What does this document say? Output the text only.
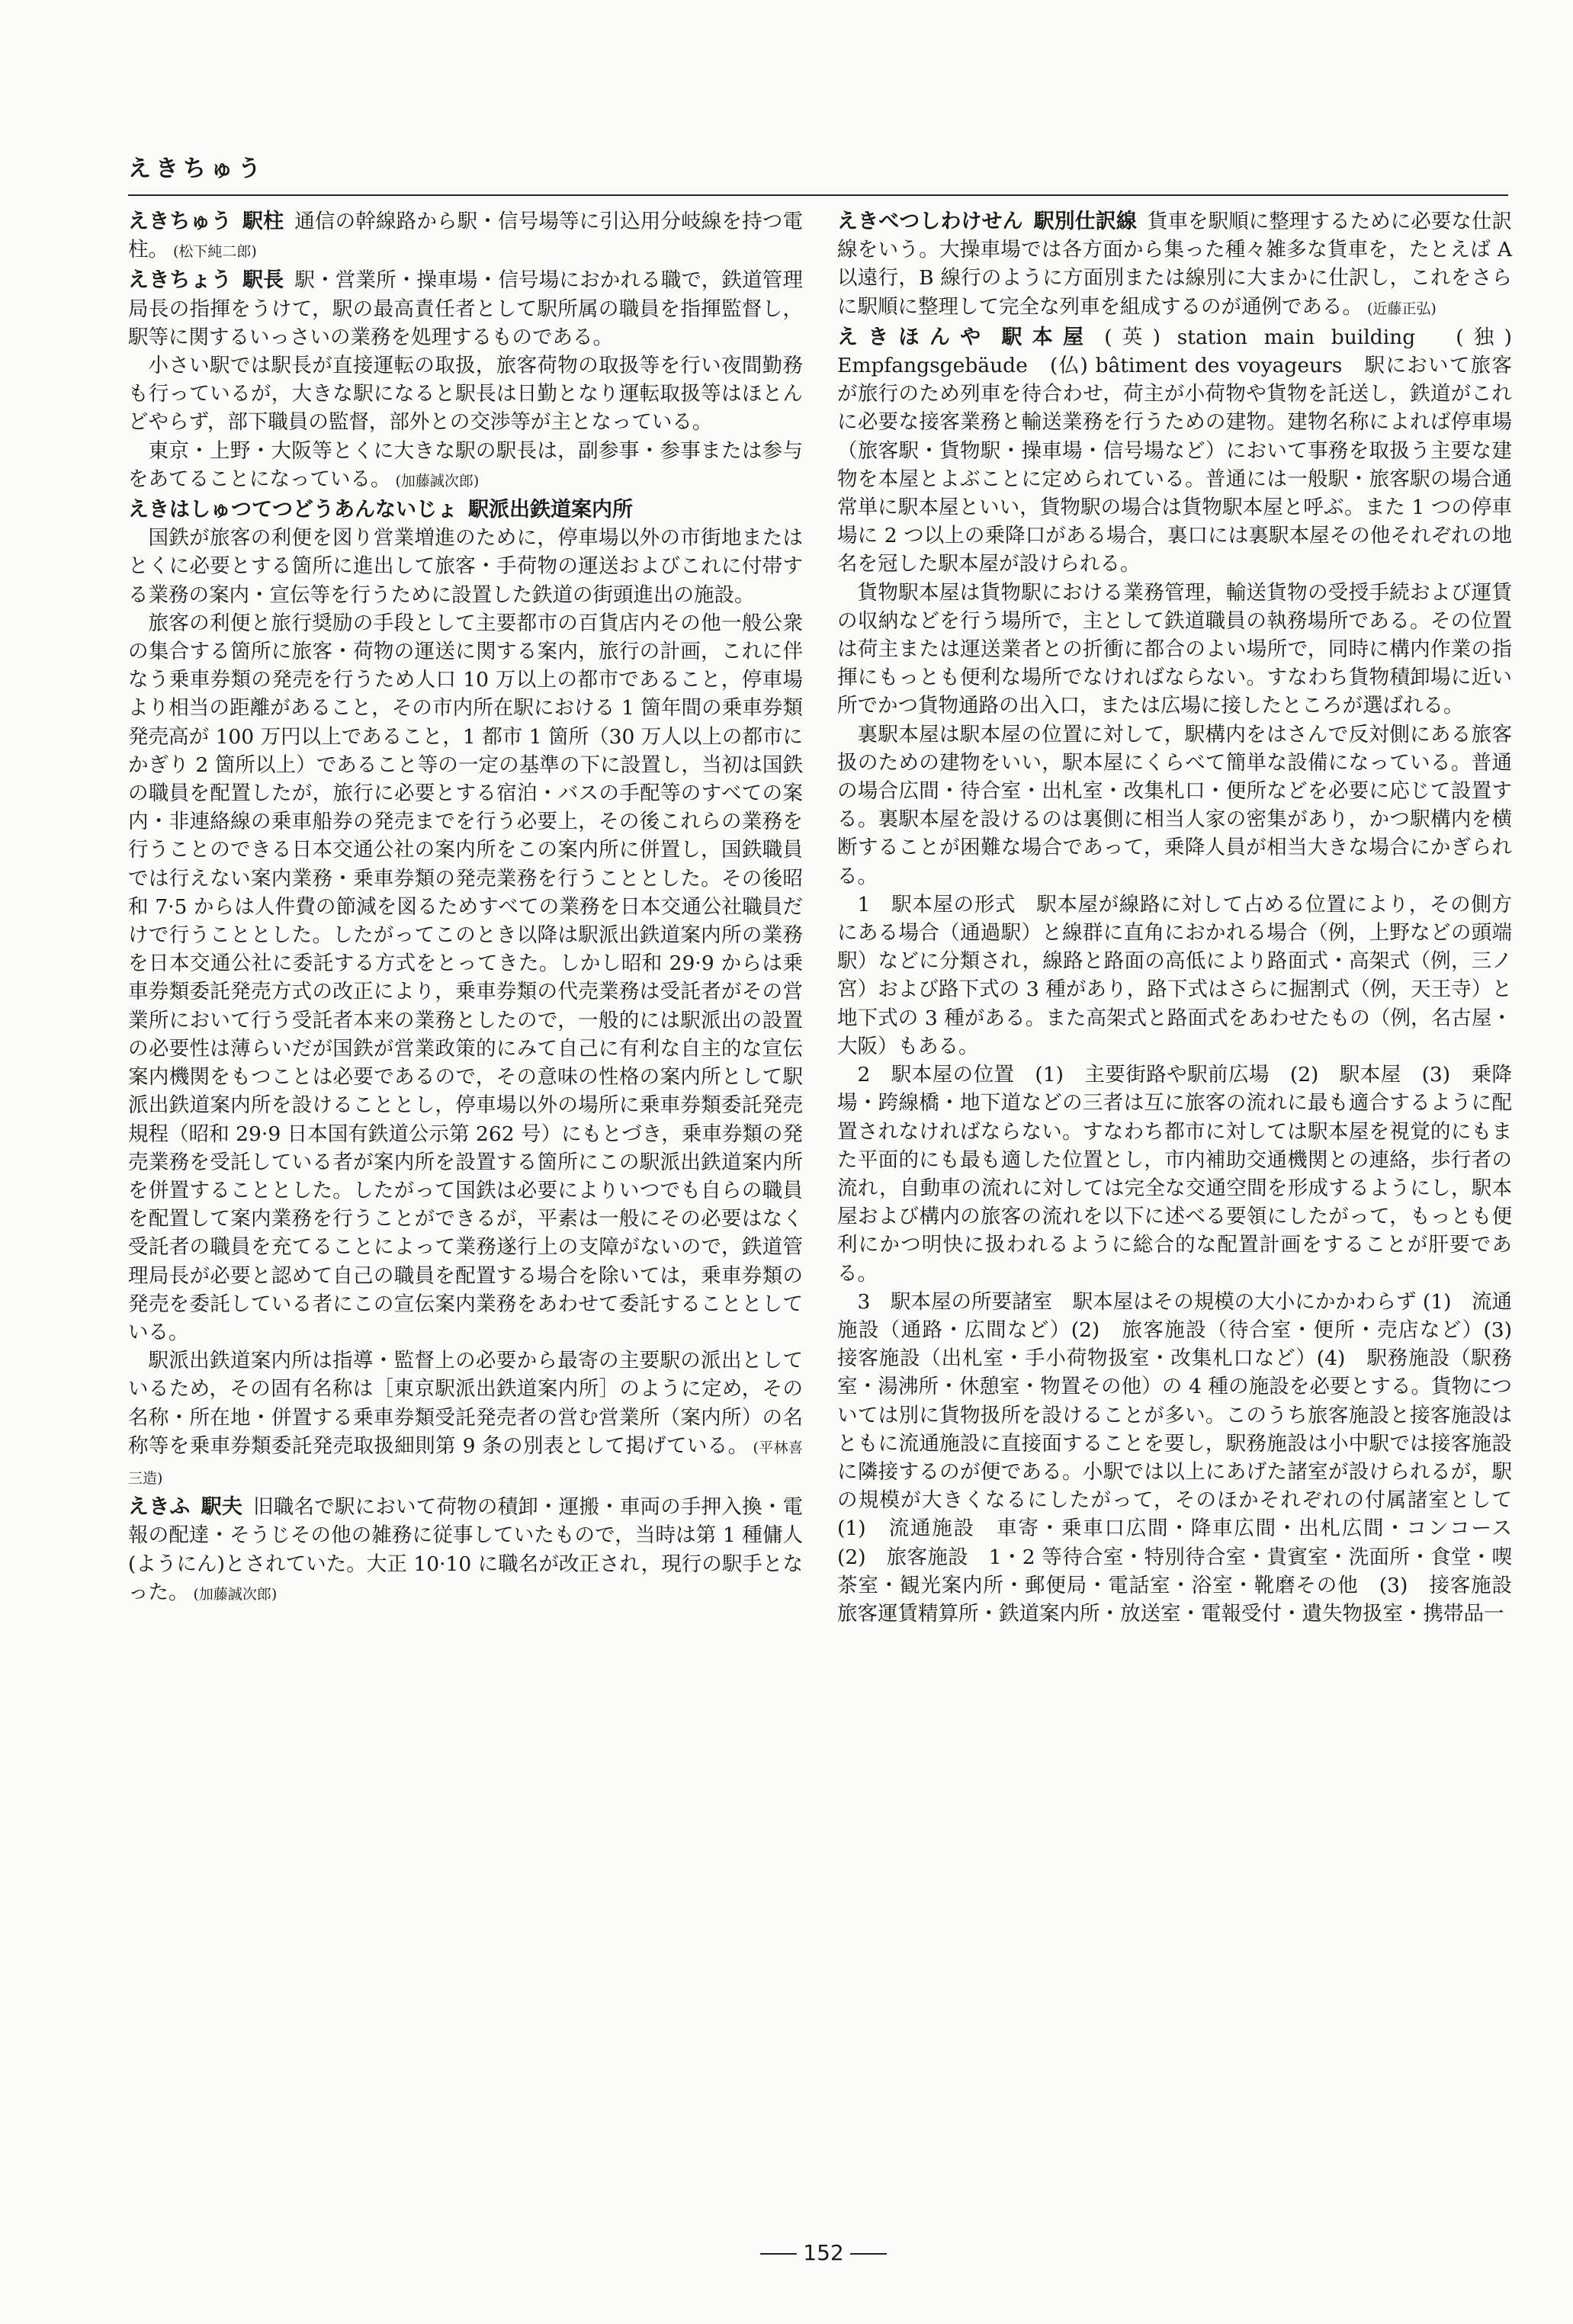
えきちゅう

えきちゅう 駅柱 通信の幹線路から駅・信号場等に引込用分岐線を持つ電柱。 (松下純二郎)

えきちょう 駅長 駅・営業所・操車場・信号場におかれる職で，鉄道管理局長の指揮をうけて，駅の最高責任者として駅所属の職員を指揮監督し，駅等に関するいっさいの業務を処理するものである。

小さい駅では駅長が直接運転の取扱，旅客荷物の取扱等を行い夜間勤務も行っているが，大きな駅になると駅長は日勤となり運転取扱等はほとんどやらず，部下職員の監督，部外との交渉等が主となっている。

東京・上野・大阪等とくに大きな駅の駅長は，副参事・参事または参与をあてることになっている。 (加藤誠次郎)

えきはしゅつてつどうあんないじょ 駅派出鉄道案内所

国鉄が旅客の利便を図り営業増進のために，停車場以外の市街地またはとくに必要とする箇所に進出して旅客・手荷物の運送およびこれに付帯する業務の案内・宣伝等を行うために設置した鉄道の街頭進出の施設。

旅客の利便と旅行奨励の手段として主要都市の百貨店内その他一般公衆の集合する箇所に旅客・荷物の運送に関する案内，旅行の計画，これに伴なう乗車券類の発売を行うため人口 10 万以上の都市であること，停車場より相当の距離があること，その市内所在駅における 1 箇年間の乗車券類発売高が 100 万円以上であること，1 都市 1 箇所（30 万人以上の都市にかぎり 2 箇所以上）であること等の一定の基準の下に設置し，当初は国鉄の職員を配置したが，旅行に必要とする宿泊・バスの手配等のすべての案内・非連絡線の乗車船券の発売までを行う必要上，その後これらの業務を行うことのできる日本交通公社の案内所をこの案内所に併置し，国鉄職員では行えない案内業務・乗車券類の発売業務を行うこととした。その後昭和 7·5 からは人件費の節減を図るためすべての業務を日本交通公社職員だけで行うこととした。したがってこのとき以降は駅派出鉄道案内所の業務を日本交通公社に委託する方式をとってきた。しかし昭和 29·9 からは乗車券類委託発売方式の改正により，乗車券類の代売業務は受託者がその営業所において行う受託者本来の業務としたので，一般的には駅派出の設置の必要性は薄らいだが国鉄が営業政策的にみて自己に有利な自主的な宣伝案内機関をもつことは必要であるので，その意味の性格の案内所として駅派出鉄道案内所を設けることとし，停車場以外の場所に乗車券類委託発売規程（昭和 29·9 日本国有鉄道公示第 262 号）にもとづき，乗車券類の発売業務を受託している者が案内所を設置する箇所にこの駅派出鉄道案内所を併置することとした。したがって国鉄は必要によりいつでも自らの職員を配置して案内業務を行うことができるが，平素は一般にその必要はなく受託者の職員を充てることによって業務遂行上の支障がないので，鉄道管理局長が必要と認めて自己の職員を配置する場合を除いては，乗車券類の発売を委託している者にこの宣伝案内業務をあわせて委託することとしている。

駅派出鉄道案内所は指導・監督上の必要から最寄の主要駅の派出としているため，その固有名称は［東京駅派出鉄道案内所］のように定め，その名称・所在地・併置する乗車券類受託発売者の営む営業所（案内所）の名称等を乗車券類委託発売取扱細則第 9 条の別表として掲げている。 (平林喜三造)

えきふ 駅夫 旧職名で駅において荷物の積卸・運搬・車両の手押入換・電報の配達・そうじその他の雑務に従事していたもので，当時は第 1 種傭人(ようにん)とされていた。大正 10·10 に職名が改正され，現行の駅手となった。 (加藤誠次郎)

えきべつしわけせん 駅別仕訳線 貨車を駅順に整理するために必要な仕訳線をいう。大操車場では各方面から集った種々雑多な貨車を，たとえば A 以遠行，B 線行のように方面別または線別に大まかに仕訳し，これをさらに駅順に整理して完全な列車を組成するのが通例である。 (近藤正弘)

えきほんや 駅本屋 (英) station main building　(独) Empfangsgebäude　(仏) bâtiment des voyageurs　駅において旅客が旅行のため列車を待合わせ，荷主が小荷物や貨物を託送し，鉄道がこれに必要な接客業務と輸送業務を行うための建物。建物名称によれば停車場（旅客駅・貨物駅・操車場・信号場など）において事務を取扱う主要な建物を本屋とよぶことに定められている。普通には一般駅・旅客駅の場合通常単に駅本屋といい，貨物駅の場合は貨物駅本屋と呼ぶ。また 1 つの停車場に 2 つ以上の乗降口がある場合，裏口には裏駅本屋その他それぞれの地名を冠した駅本屋が設けられる。

貨物駅本屋は貨物駅における業務管理，輸送貨物の受授手続および運賃の収納などを行う場所で，主として鉄道職員の執務場所である。その位置は荷主または運送業者との折衝に都合のよい場所で，同時に構内作業の指揮にもっとも便利な場所でなければならない。すなわち貨物積卸場に近い所でかつ貨物通路の出入口，または広場に接したところが選ばれる。

裏駅本屋は駅本屋の位置に対して，駅構内をはさんで反対側にある旅客扱のための建物をいい，駅本屋にくらべて簡単な設備になっている。普通の場合広間・待合室・出札室・改集札口・便所などを必要に応じて設置する。裏駅本屋を設けるのは裏側に相当人家の密集があり，かつ駅構内を横断することが困難な場合であって，乗降人員が相当大きな場合にかぎられる。

1　駅本屋の形式　駅本屋が線路に対して占める位置により，その側方にある場合（通過駅）と線群に直角におかれる場合（例，上野などの頭端駅）などに分類され，線路と路面の高低により路面式・高架式（例，三ノ宮）および路下式の 3 種があり，路下式はさらに掘割式（例，天王寺）と地下式の 3 種がある。また高架式と路面式をあわせたもの（例，名古屋・大阪）もある。

2　駅本屋の位置　(1)　主要街路や駅前広場　(2)　駅本屋　(3)　乗降場・跨線橋・地下道などの三者は互に旅客の流れに最も適合するように配置されなければならない。すなわち都市に対しては駅本屋を視覚的にもまた平面的にも最も適した位置とし，市内補助交通機関との連絡，歩行者の流れ，自動車の流れに対しては完全な交通空間を形成するようにし，駅本屋および構内の旅客の流れを以下に述べる要領にしたがって，もっとも便利にかつ明快に扱われるように総合的な配置計画をすることが肝要である。

3　駅本屋の所要諸室　駅本屋はその規模の大小にかかわらず (1)　流通施設（通路・広間など）(2)　旅客施設（待合室・便所・売店など）(3)　接客施設（出札室・手小荷物扱室・改集札口など）(4)　駅務施設（駅務室・湯沸所・休憩室・物置その他）の 4 種の施設を必要とする。貨物については別に貨物扱所を設けることが多い。このうち旅客施設と接客施設はともに流通施設に直接面することを要し，駅務施設は小中駅では接客施設に隣接するのが便である。小駅では以上にあげた諸室が設けられるが，駅の規模が大きくなるにしたがって，そのほかそれぞれの付属諸室として (1)　流通施設　車寄・乗車口広間・降車広間・出札広間・コンコース　(2)　旅客施設　1・2 等待合室・特別待合室・貴賓室・洗面所・食堂・喫茶室・観光案内所・郵便局・電話室・浴室・靴磨その他　(3)　接客施設　旅客運賃精算所・鉄道案内所・放送室・電報受付・遺失物扱室・携帯品一

152
